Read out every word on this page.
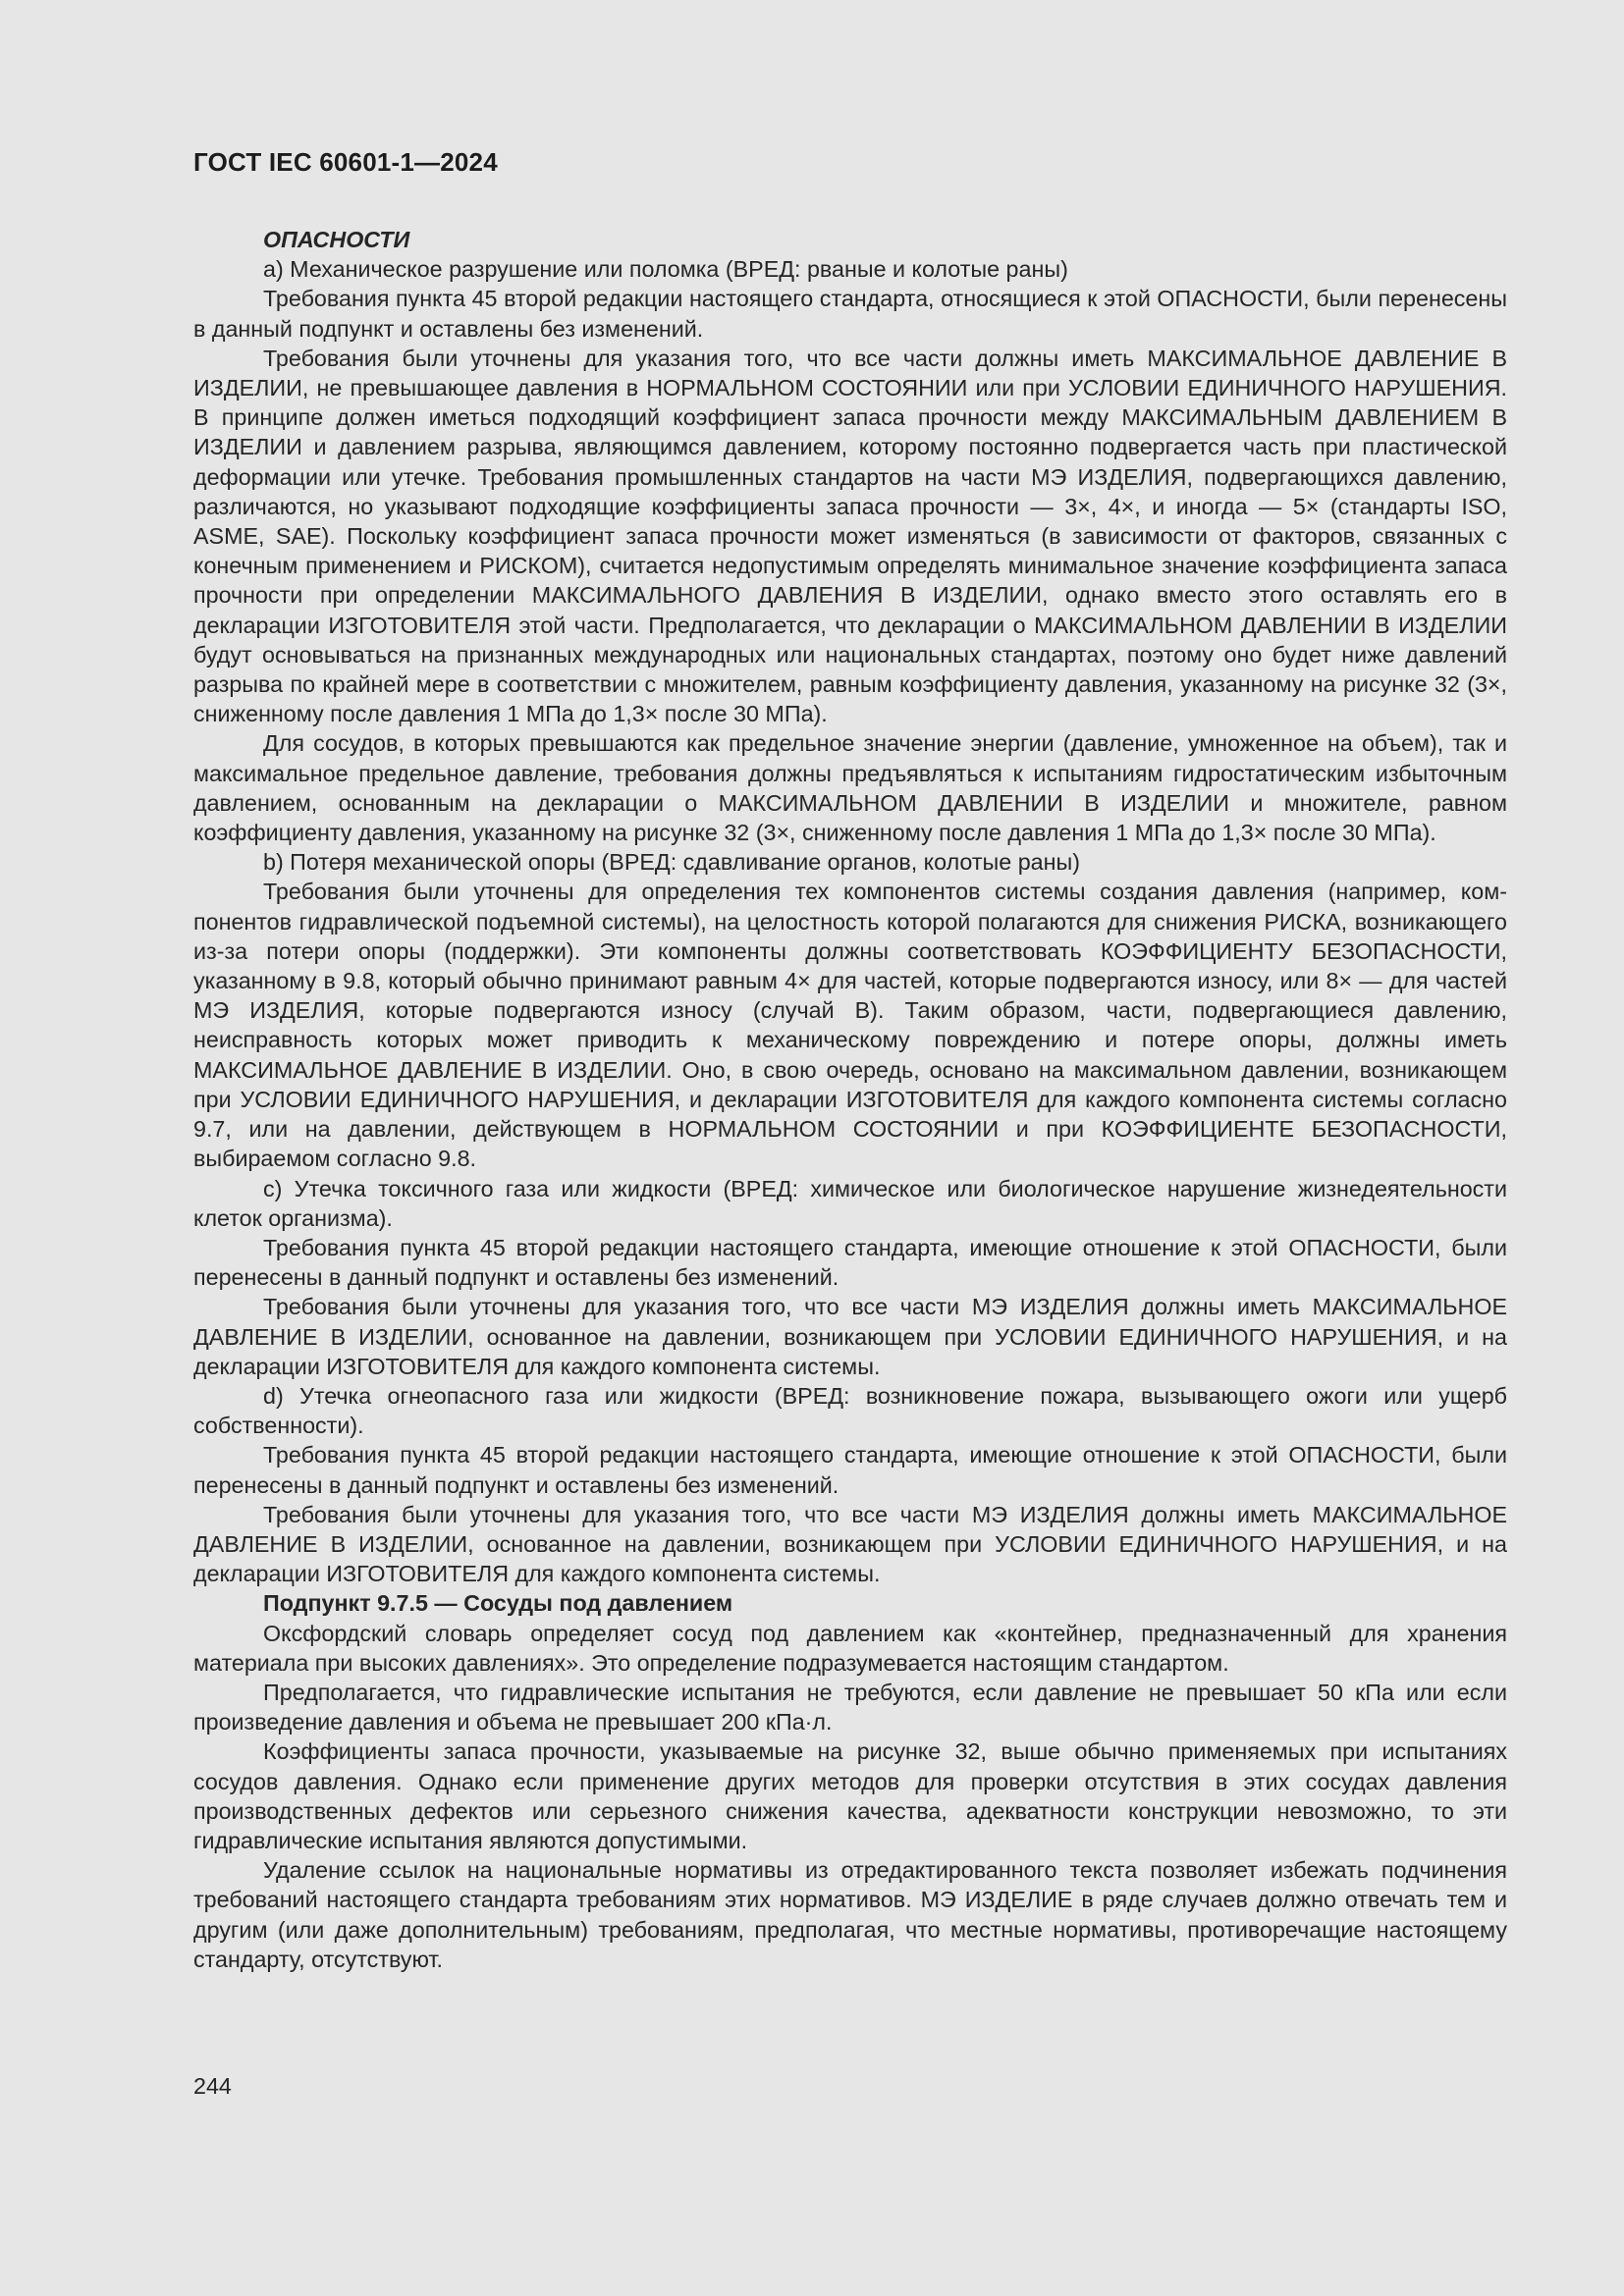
ГОСТ IEC 60601-1—2024

ОПАСНОСТИ

a) Механическое разрушение или поломка (ВРЕД: рваные и колотые раны)

Требования пункта 45 второй редакции настоящего стандарта, относящиеся к этой ОПАСНОСТИ, были перенесены в данный подпункт и оставлены без изменений.

Требования были уточнены для указания того, что все части должны иметь МАКСИМАЛЬНОЕ ДАВЛЕНИЕ В ИЗДЕЛИИ, не превышающее давления в НОРМАЛЬНОМ СОСТОЯНИИ или при УСЛОВИИ ЕДИНИЧНОГО НАРУШЕНИЯ. В принципе должен иметься подходящий коэффициент запаса прочности между МАКСИМАЛЬНЫМ ДАВЛЕНИЕМ В ИЗДЕЛИИ и давлением разрыва, являющимся давлением, которому постоянно подвергается часть при пластической деформации или утечке. Требования промышленных стандартов на части МЭ ИЗДЕЛИЯ, подвергающихся давлению, различаются, но указывают подходящие коэффициенты запаса прочности — 3×, 4×, и иногда — 5× (стандарты ISO, ASME, SAE). Поскольку коэффициент запаса прочности может изменяться (в зависимости от факторов, связанных с конечным применением и РИСКОМ), считается недопустимым определять минимальное значение коэффициента запаса прочности при определении МАКСИМАЛЬНОГО ДАВЛЕНИЯ В ИЗДЕЛИИ, однако вместо этого оставлять его в декларации ИЗГОТОВИТЕЛЯ этой части. Предполагается, что декларации о МАКСИМАЛЬНОМ ДАВЛЕНИИ В ИЗДЕЛИИ будут основываться на признанных международных или национальных стандартах, поэтому оно будет ниже давлений разрыва по крайней мере в соответствии с множителем, равным коэффициенту давления, указанному на рисунке 32 (3×, сниженному после давления 1 МПа до 1,3× после 30 МПа).

Для сосудов, в которых превышаются как предельное значение энергии (давление, умноженное на объем), так и максимальное предельное давление, требования должны предъявляться к испытаниям гидростатическим избыточным давлением, основанным на декларации о МАКСИМАЛЬНОМ ДАВЛЕНИИ В ИЗДЕЛИИ и множителе, равном коэффициенту давления, указанному на рисунке 32 (3×, сниженному после давления 1 МПа до 1,3× после 30 МПа).

b) Потеря механической опоры (ВРЕД: сдавливание органов, колотые раны)

Требования были уточнены для определения тех компонентов системы создания давления (например, компонентов гидравлической подъемной системы), на целостность которой полагаются для снижения РИСКА, возникающего из-за потери опоры (поддержки). Эти компоненты должны соответствовать КОЭФФИЦИЕНТУ БЕЗОПАСНОСТИ, указанному в 9.8, который обычно принимают равным 4× для частей, которые подвергаются износу, или 8× — для частей МЭ ИЗДЕЛИЯ, которые подвергаются износу (случай B). Таким образом, части, подвергающиеся давлению, неисправность которых может приводить к механическому повреждению и потере опоры, должны иметь МАКСИМАЛЬНОЕ ДАВЛЕНИЕ В ИЗДЕЛИИ. Оно, в свою очередь, основано на максимальном давлении, возникающем при УСЛОВИИ ЕДИНИЧНОГО НАРУШЕНИЯ, и декларации ИЗГОТОВИТЕЛЯ для каждого компонента системы согласно 9.7, или на давлении, действующем в НОРМАЛЬНОМ СОСТОЯНИИ и при КОЭФФИЦИЕНТЕ БЕЗОПАСНОСТИ, выбираемом согласно 9.8.

c) Утечка токсичного газа или жидкости (ВРЕД: химическое или биологическое нарушение жизнедеятельности клеток организма).

Требования пункта 45 второй редакции настоящего стандарта, имеющие отношение к этой ОПАСНОСТИ, были перенесены в данный подпункт и оставлены без изменений.

Требования были уточнены для указания того, что все части МЭ ИЗДЕЛИЯ должны иметь МАКСИМАЛЬНОЕ ДАВЛЕНИЕ В ИЗДЕЛИИ, основанное на давлении, возникающем при УСЛОВИИ ЕДИНИЧНОГО НАРУШЕНИЯ, и на декларации ИЗГОТОВИТЕЛЯ для каждого компонента системы.

d) Утечка огнеопасного газа или жидкости (ВРЕД: возникновение пожара, вызывающего ожоги или ущерб собственности).

Требования пункта 45 второй редакции настоящего стандарта, имеющие отношение к этой ОПАСНОСТИ, были перенесены в данный подпункт и оставлены без изменений.

Требования были уточнены для указания того, что все части МЭ ИЗДЕЛИЯ должны иметь МАКСИМАЛЬНОЕ ДАВЛЕНИЕ В ИЗДЕЛИИ, основанное на давлении, возникающем при УСЛОВИИ ЕДИНИЧНОГО НАРУШЕНИЯ, и на декларации ИЗГОТОВИТЕЛЯ для каждого компонента системы.

Подпункт 9.7.5 — Сосуды под давлением

Оксфордский словарь определяет сосуд под давлением как «контейнер, предназначенный для хранения материала при высоких давлениях». Это определение подразумевается настоящим стандартом.

Предполагается, что гидравлические испытания не требуются, если давление не превышает 50 кПа или если произведение давления и объема не превышает 200 кПа·л.

Коэффициенты запаса прочности, указываемые на рисунке 32, выше обычно применяемых при испытаниях сосудов давления. Однако если применение других методов для проверки отсутствия в этих сосудах давления производственных дефектов или серьезного снижения качества, адекватности конструкции невозможно, то эти гидравлические испытания являются допустимыми.

Удаление ссылок на национальные нормативы из отредактированного текста позволяет избежать подчинения требований настоящего стандарта требованиям этих нормативов. МЭ ИЗДЕЛИЕ в ряде случаев должно отвечать тем и другим (или даже дополнительным) требованиям, предполагая, что местные нормативы, противоречащие настоящему стандарту, отсутствуют.

244
